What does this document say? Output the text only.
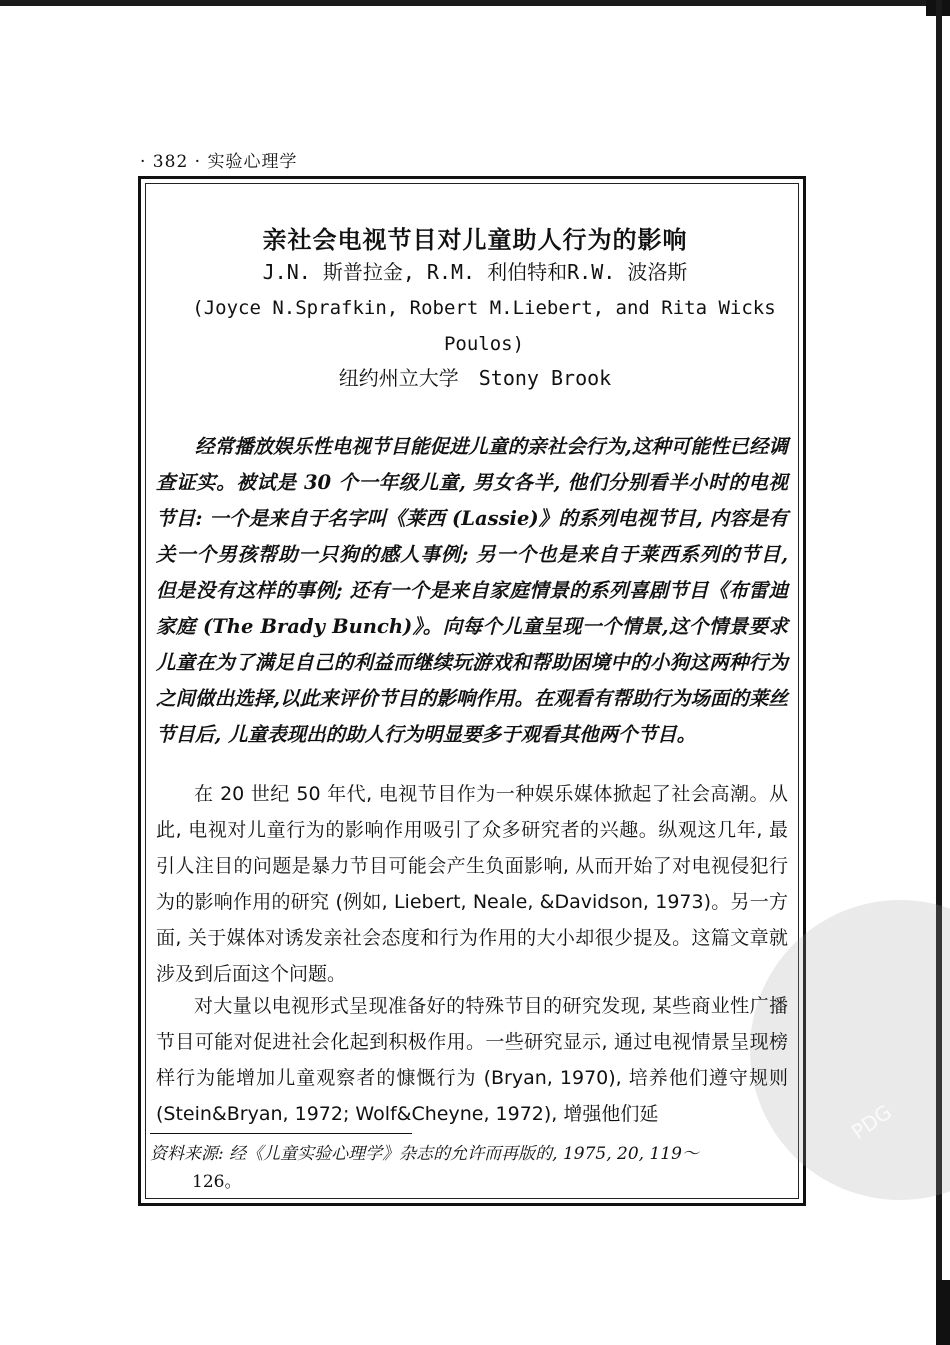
· 382 · 实验心理学
PDG
亲社会电视节目对儿童助人行为的影响
J.N. 斯普拉金, R.M. 利伯特和R.W. 波洛斯
(Joyce N.Sprafkin, Robert M.Liebert, and Rita Wicks Poulos)
纽约州立大学　Stony Brook

经常播放娱乐性电视节目能促进儿童的亲社会行为,这种可能性已经调查证实。被试是 30 个一年级儿童, 男女各半, 他们分别看半小时的电视节目: 一个是来自于名字叫《莱西 (Lassie)》的系列电视节目, 内容是有关一个男孩帮助一只狗的感人事例; 另一个也是来自于莱西系列的节目, 但是没有这样的事例; 还有一个是来自家庭情景的系列喜剧节目《布雷迪家庭 (The Brady Bunch)》。向每个儿童呈现一个情景,这个情景要求儿童在为了满足自己的利益而继续玩游戏和帮助困境中的小狗这两种行为之间做出选择,以此来评价节目的影响作用。在观看有帮助行为场面的莱丝节目后, 儿童表现出的助人行为明显要多于观看其他两个节目。

在 20 世纪 50 年代, 电视节目作为一种娱乐媒体掀起了社会高潮。从此, 电视对儿童行为的影响作用吸引了众多研究者的兴趣。纵观这几年, 最引人注目的问题是暴力节目可能会产生负面影响, 从而开始了对电视侵犯行为的影响作用的研究 (例如, Liebert, Neale, &Davidson, 1973)。另一方面, 关于媒体对诱发亲社会态度和行为作用的大小却很少提及。这篇文章就涉及到后面这个问题。

对大量以电视形式呈现准备好的特殊节目的研究发现, 某些商业性广播节目可能对促进社会化起到积极作用。一些研究显示, 通过电视情景呈现榜样行为能增加儿童观察者的慷慨行为 (Bryan, 1970), 培养他们遵守规则 (Stein&Bryan, 1972; Wolf&Cheyne, 1972), 增强他们延

资料来源: 经《儿童实验心理学》杂志的允许而再版的, 1975, 20, 119～
126。
